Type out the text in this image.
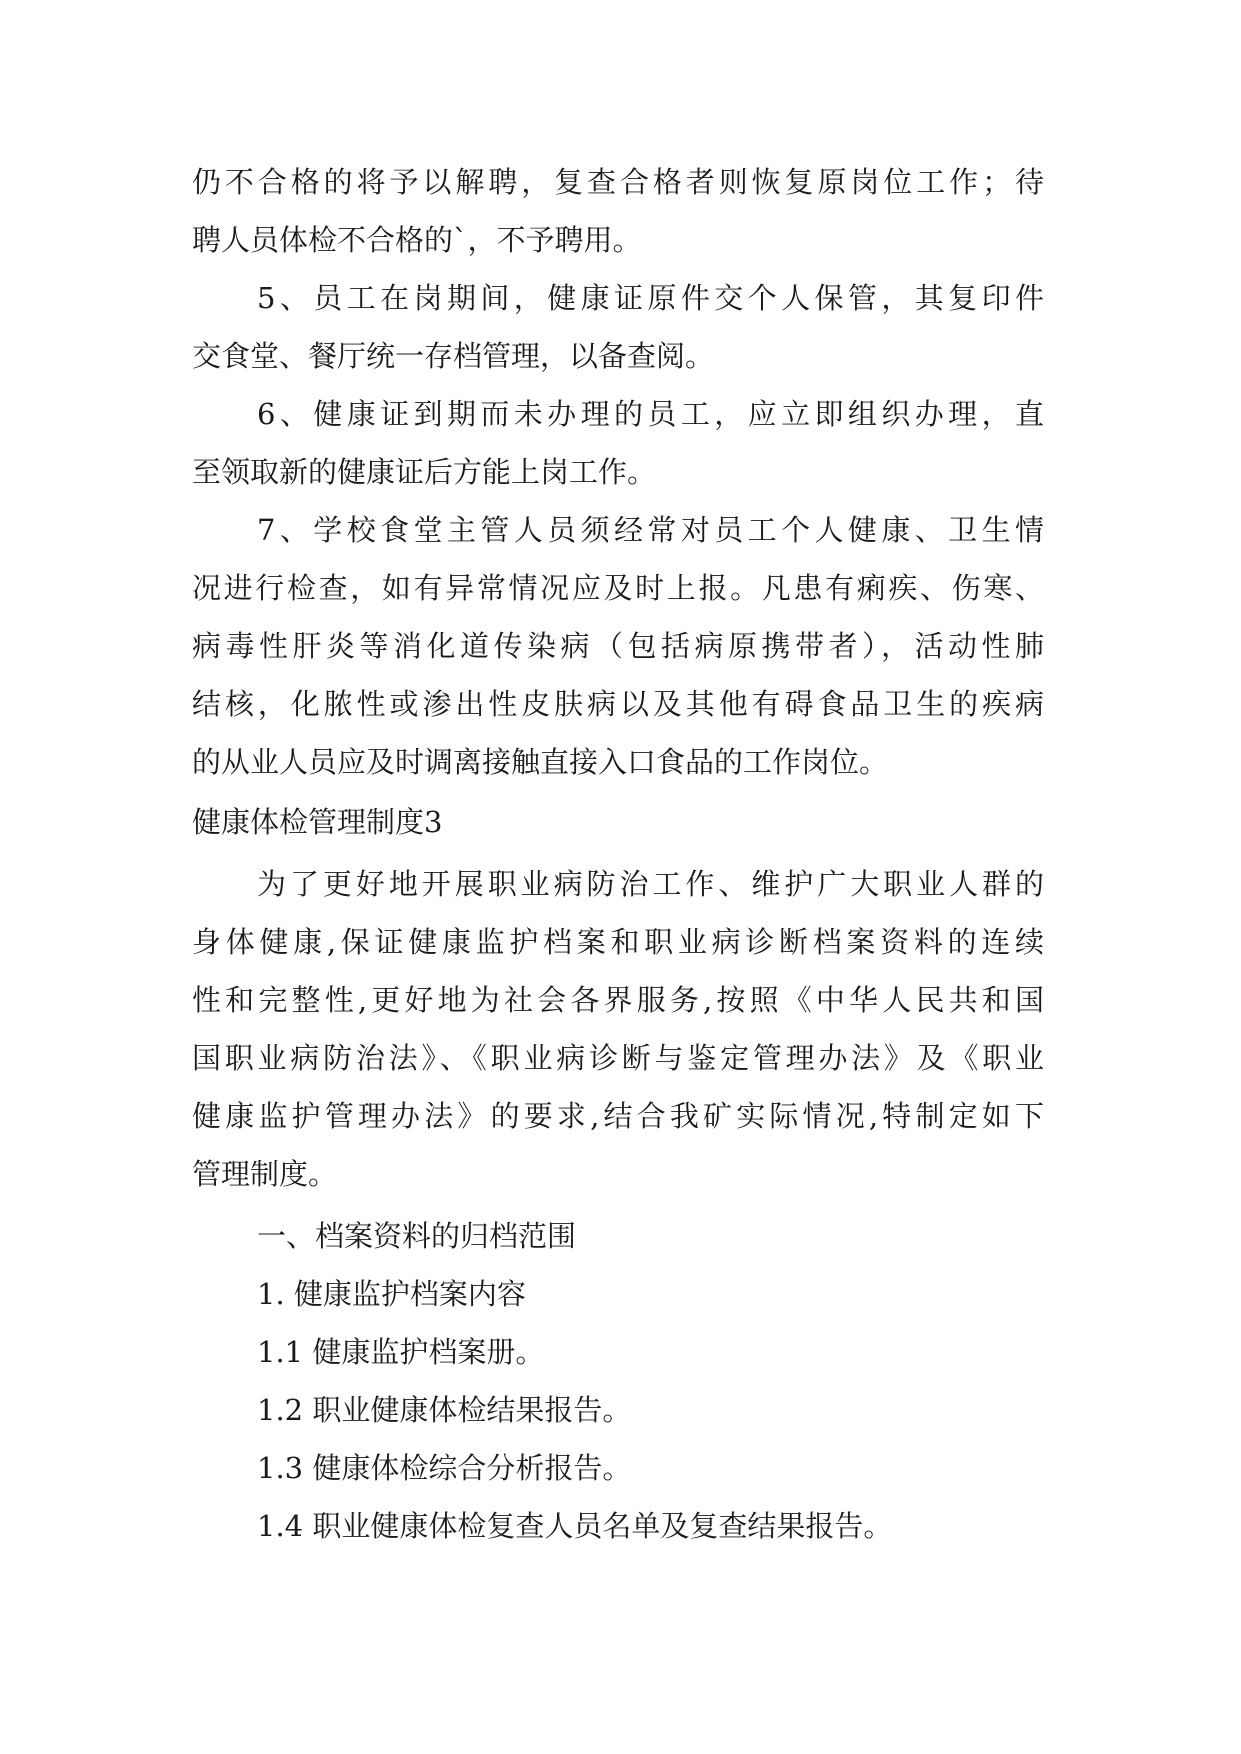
仍不合格的将予以解聘，复查合格者则恢复原岗位工作；待
聘人员体检不合格的`，不予聘用。
5、员工在岗期间，健康证原件交个人保管，其复印件
交食堂、餐厅统一存档管理，以备查阅。
6、健康证到期而未办理的员工，应立即组织办理，直
至领取新的健康证后方能上岗工作。
7、学校食堂主管人员须经常对员工个人健康、卫生情
况进行检查，如有异常情况应及时上报。凡患有痢疾、伤寒、
病毒性肝炎等消化道传染病（包括病原携带者），活动性肺
结核，化脓性或渗出性皮肤病以及其他有碍食品卫生的疾病
的从业人员应及时调离接触直接入口食品的工作岗位。
健康体检管理制度3
为了更好地开展职业病防治工作、维护广大职业人群的
身体健康,保证健康监护档案和职业病诊断档案资料的连续
性和完整性,更好地为社会各界服务,按照《中华人民共和国
国职业病防治法》、《职业病诊断与鉴定管理办法》及《职业
健康监护管理办法》的要求,结合我矿实际情况,特制定如下
管理制度。
一、档案资料的归档范围
1. 健康监护档案内容
1.1 健康监护档案册。
1.2 职业健康体检结果报告。
1.3 健康体检综合分析报告。
1.4 职业健康体检复查人员名单及复查结果报告。
